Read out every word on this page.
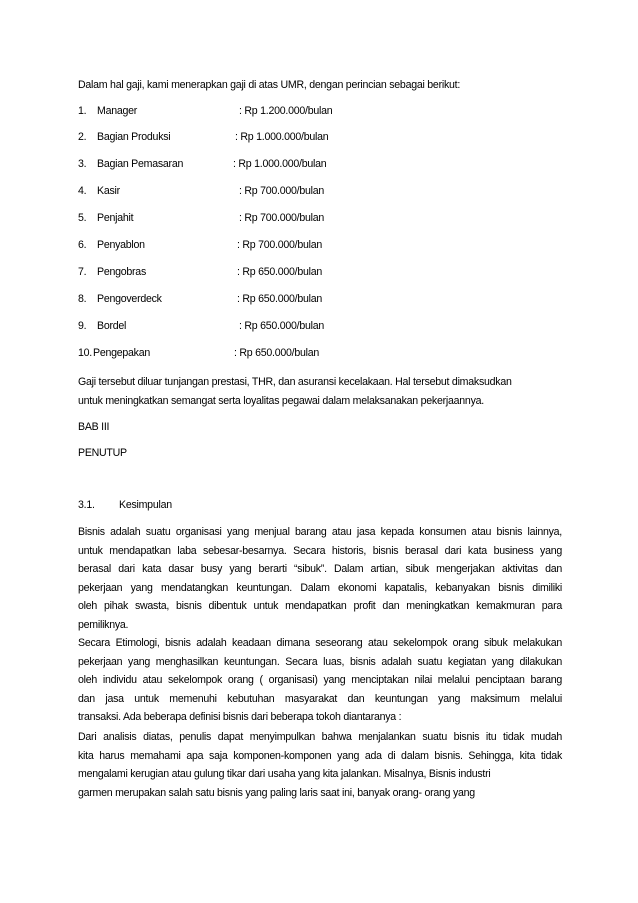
Dalam hal gaji, kami menerapkan gaji di atas UMR, dengan perincian sebagai berikut:
1. Manager	: Rp 1.200.000/bulan
2. Bagian Produksi	: Rp 1.000.000/bulan
3. Bagian Pemasaran	: Rp 1.000.000/bulan
4. Kasir	: Rp 700.000/bulan
5. Penjahit	: Rp 700.000/bulan
6. Penyablon	: Rp 700.000/bulan
7. Pengobras	: Rp 650.000/bulan
8. Pengoverdeck	: Rp 650.000/bulan
9. Bordel	: Rp 650.000/bulan
10. Pengepakan	: Rp 650.000/bulan
Gaji tersebut diluar tunjangan prestasi, THR, dan asuransi kecelakaan. Hal tersebut dimaksudkan
untuk meningkatkan semangat serta loyalitas pegawai dalam melaksanakan pekerjaannya.
BAB III
PENUTUP
3.1. Kesimpulan
Bisnis adalah suatu organisasi yang menjual barang atau jasa kepada konsumen atau bisnis lainnya,
untuk mendapatkan laba sebesar-besarnya. Secara historis, bisnis berasal dari kata business yang
berasal dari kata dasar busy yang berarti “sibuk”. Dalam artian, sibuk mengerjakan aktivitas dan
pekerjaan yang mendatangkan keuntungan. Dalam ekonomi kapatalis, kebanyakan bisnis dimiliki
oleh pihak swasta, bisnis dibentuk untuk mendapatkan profit dan meningkatkan kemakmuran para
pemiliknya.
Secara Etimologi, bisnis adalah keadaan dimana seseorang atau sekelompok orang sibuk melakukan
pekerjaan yang menghasilkan keuntungan. Secara luas, bisnis adalah suatu kegiatan yang dilakukan
oleh individu atau sekelompok orang ( organisasi) yang menciptakan nilai melalui penciptaan barang
dan jasa untuk memenuhi kebutuhan masyarakat dan keuntungan yang maksimum melalui
transaksi. Ada beberapa definisi bisnis dari beberapa tokoh diantaranya :
Dari analisis diatas, penulis dapat menyimpulkan bahwa menjalankan suatu bisnis itu tidak mudah
kita harus memahami apa saja komponen-komponen yang ada di dalam bisnis. Sehingga, kita tidak
mengalami kerugian atau gulung tikar dari usaha yang kita jalankan. Misalnya, Bisnis industri
garmen merupakan salah satu bisnis yang paling laris saat ini, banyak orang- orang yang
